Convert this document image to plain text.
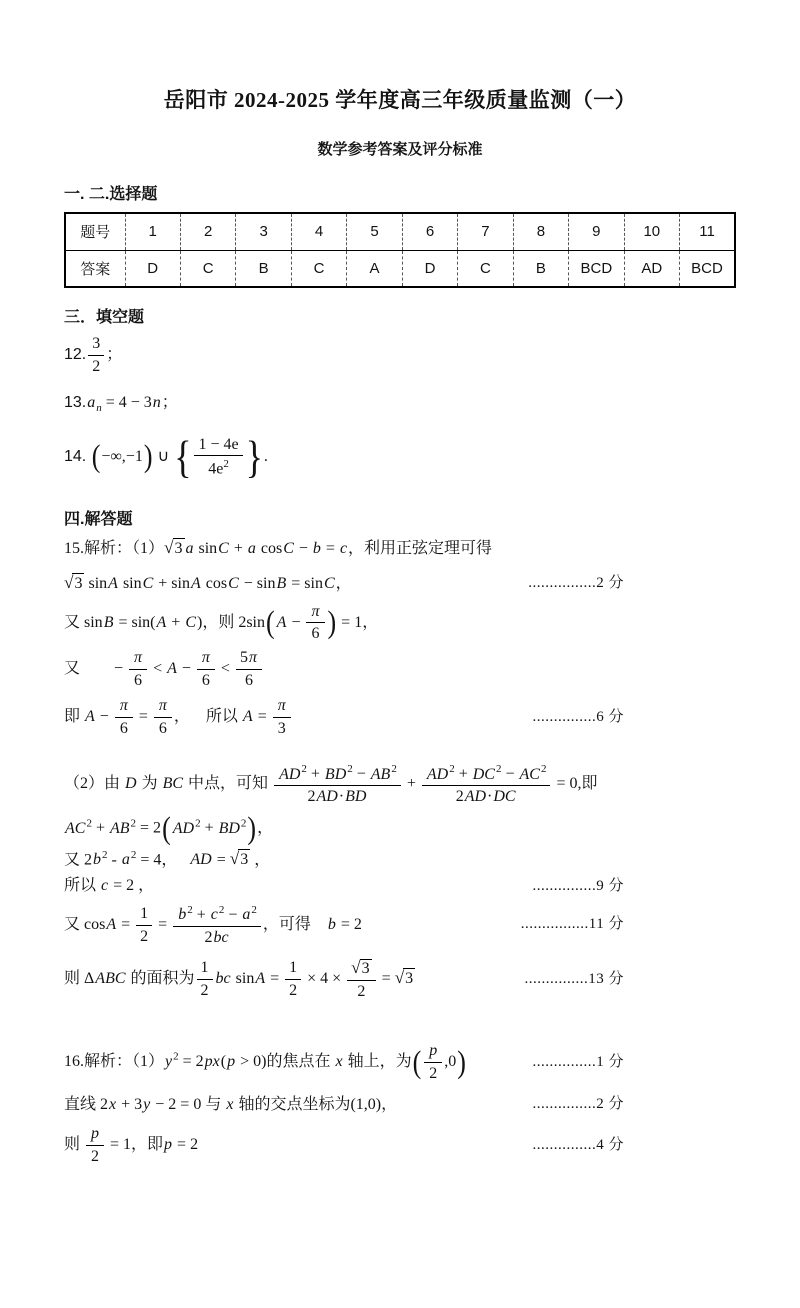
岳阳市 2024-2025 学年度高三年级质量监测（一）
数学参考答案及评分标准
一. 二.选择题
题号	1	2	3	4	5	6	7	8	9	10	11
答案	D	C	B	C	A	D	C	B	BCD	AD	BCD
三．填空题
12. $\frac{3}{2}$ ；
$13.a_n = 4 - 3n$；
14. (−∞,−1) ∪ { $\frac{1 - 4e}{4e^2}$ }.
四.解答题
15.解析：（1）√3 a sinC + a cosC − b = c，利用正弦定理可得
√3 sinA sinC + sinA cosC − sinB = sinC，	................2 分
又 sinB = sin(A + C)，则 2sin( $A - \frac{\pi}{6}$ ) = 1，
又 − $\frac{\pi}{6} < A - \frac{\pi}{6} < \frac{5\pi}{6}$
即 $A - \frac{\pi}{6} = \frac{\pi}{6}$ ， 所以 $A = \frac{\pi}{3}$	...............6 分
（2）由 D 为 BC 中点，可知 $\frac{AD^2 + BD^2 - AB^2}{2AD\cdot BD} + \frac{AD^2 + DC^2 - AC^2}{2AD\cdot DC} = 0$,即
$AC^2 + AB^2 = 2$( $AD^2 + BD^2$)，
又 $2b^2 - a^2 = 4$， AD = √3 ，
所以 c = 2 ，	...............9 分
又 $\cos A = \frac{1}{2} = \frac{b^2 + c^2 - a^2}{2bc}$ ，可得 b = 2	................11 分
则 ΔABC 的面积为 $\frac{1}{2}$ bc $\sin A = \frac{1}{2} \times 4 \times \frac{√3}{2} = √3$	...............13 分
16.解析：$(1)y^2 = 2px(p > 0)$的焦点在 x 轴上，为( $\frac{p}{2} ,0$)	...............1 分
直线 2x + 3y − 2 = 0 与 x 轴的交点坐标为(1,0)，	...............2 分
则 $\frac{p}{2} = 1$，即p = 2	...............4 分
